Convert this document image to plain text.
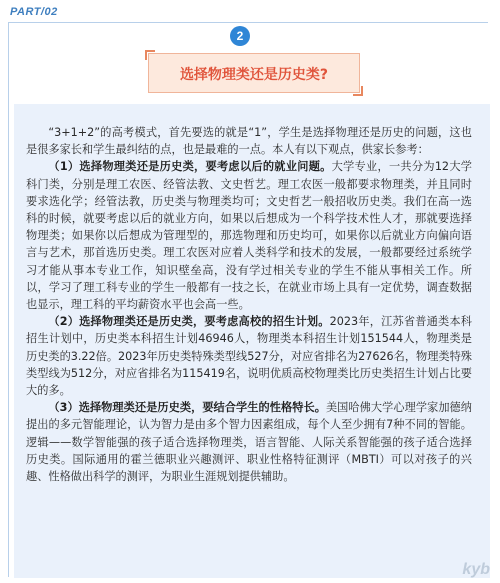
PART/02
2
选择物理类还是历史类?

“3+1+2”的高考模式，首先要选的就是“1”，学生是选择物理还是历史的问题，这也是很多家长和学生最纠结的点，也是最难的一点。本人有以下观点，供家长参考：

（1）选择物理类还是历史类，要考虑以后的就业问题。大学专业，一共分为12大学科门类，分别是理工农医、经管法教、文史哲艺。理工农医一般都要求物理类，并且同时要求选化学；经管法教，历史类与物理类均可；文史哲艺一般招收历史类。我们在高一选科的时候，就要考虑以后的就业方向，如果以后想成为一个科学技术性人才，那就要选择物理类；如果你以后想成为管理型的，那选物理和历史均可，如果你以后就业方向偏向语言与艺术，那首选历史类。理工农医对应着人类科学和技术的发展，一般都要经过系统学习才能从事本专业工作，知识壁垒高，没有学过相关专业的学生不能从事相关工作。所以，学习了理工科专业的学生一般都有一技之长，在就业市场上具有一定优势，调查数据也显示，理工科的平均薪资水平也会高一些。

（2）选择物理类还是历史类，要考虑高校的招生计划。2023年，江苏省普通类本科招生计划中，历史类本科招生计划46946人，物理类本科招生计划151544人，物理类是历史类的3.22倍。2023年历史类特殊类型线527分，对应省排名为27626名，物理类特殊类型线为512分，对应省排名为115419名，说明优质高校物理类比历史类招生计划占比要大的多。

（3）选择物理类还是历史类，要结合学生的性格特长。美国哈佛大学心理学家加德纳提出的多元智能理论，认为智力是由多个智力因素组成，每个人至少拥有7种不同的智能。逻辑——数学智能强的孩子适合选择物理类，语言智能、人际关系智能强的孩子适合选择历史类。国际通用的霍兰德职业兴趣测评、职业性格特征测评（MBTI）可以对孩子的兴趣、性格做出科学的测评，为职业生涯规划提供辅助。

kyb
